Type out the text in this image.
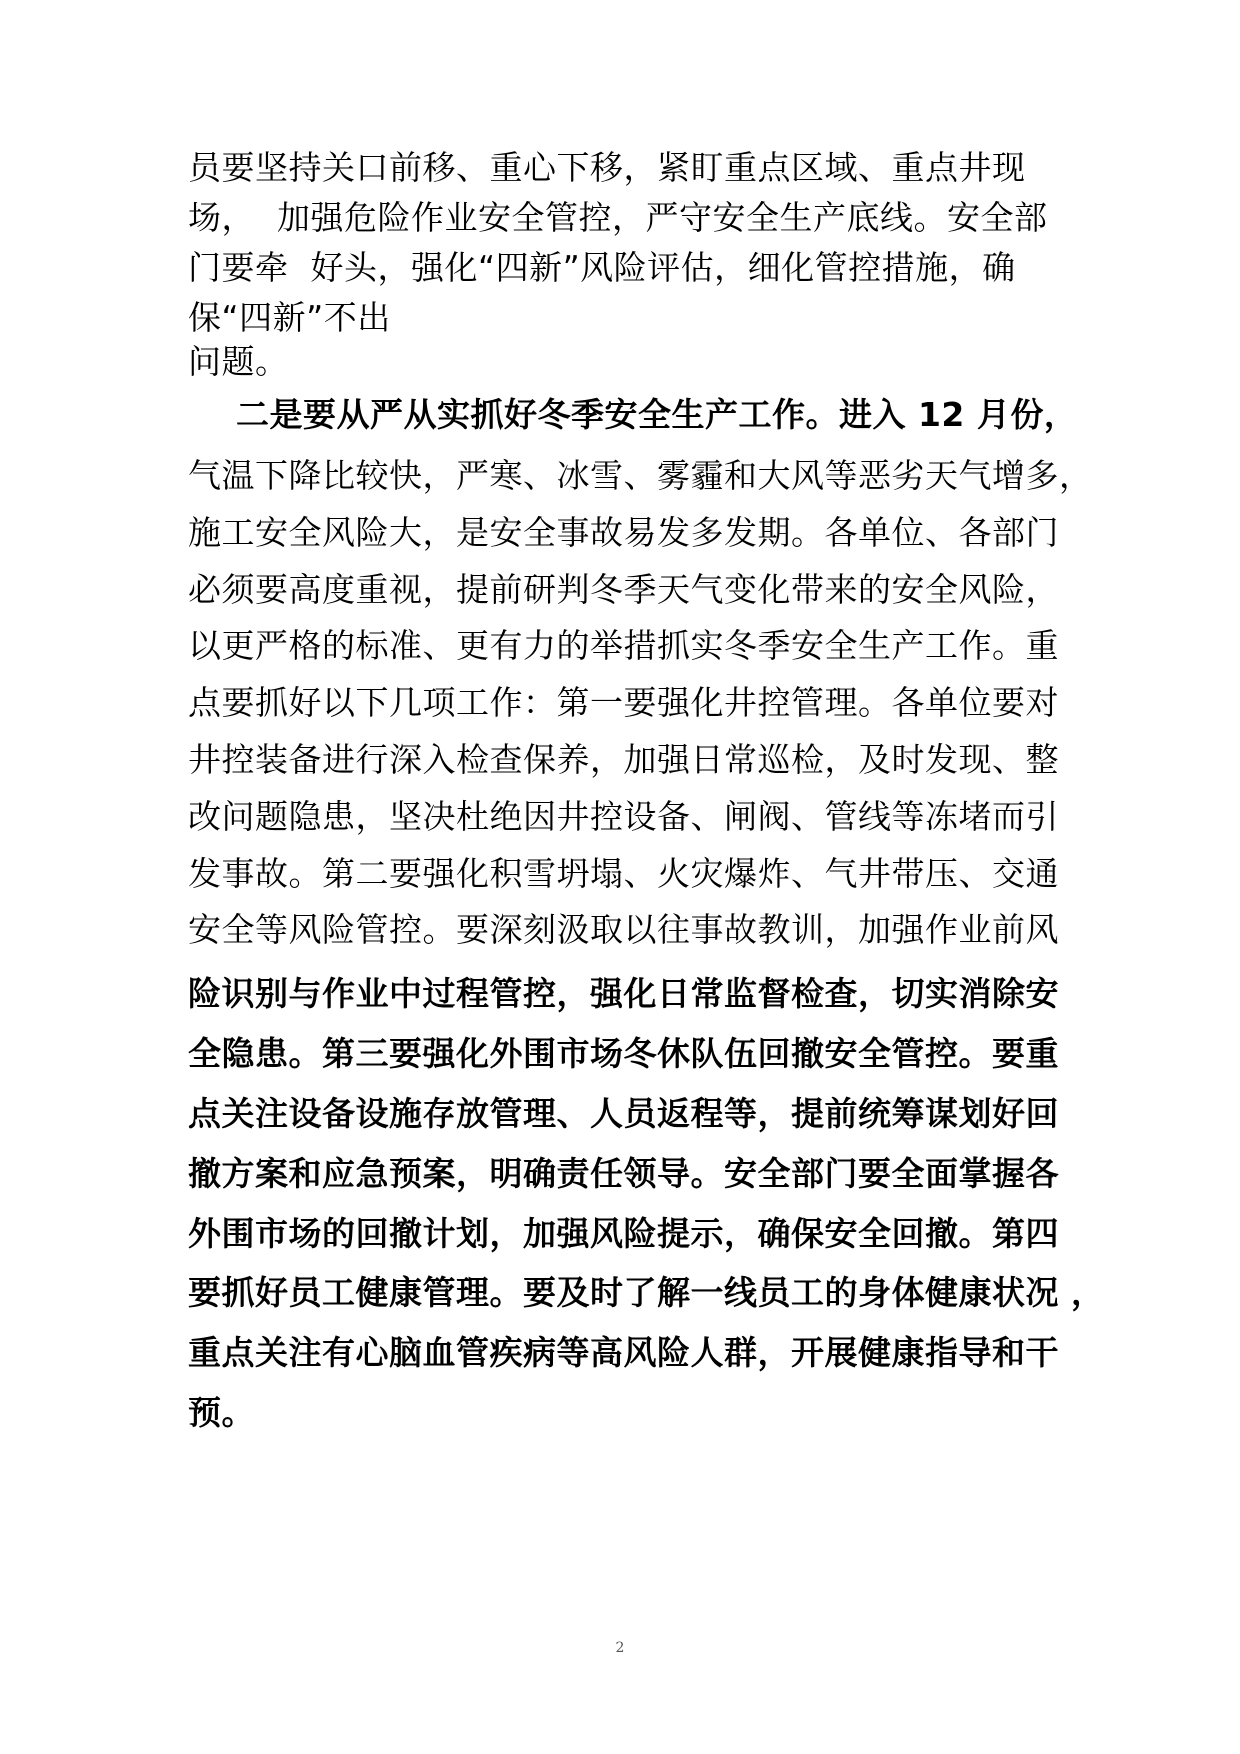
员要坚持关口前移、重心下移，紧盯重点区域、重点井现
场，  加强危险作业安全管控，严守安全生产底线。安全部
门要牵  好头，强化“四新”风险评估，细化管控措施，确
保“四新”不出
问题。
二是要从严从实抓好冬季安全生产工作。进入 12 月份，
气温下降比较快，严寒、冰雪、雾霾和大风等恶劣天气增多，
施工安全风险大，是安全事故易发多发期。各单位、各部门
必须要高度重视，提前研判冬季天气变化带来的安全风险，
以更严格的标准、更有力的举措抓实冬季安全生产工作。重
点要抓好以下几项工作：第一要强化井控管理。各单位要对
井控装备进行深入检查保养，加强日常巡检，及时发现、整
改问题隐患，坚决杜绝因井控设备、闸阀、管线等冻堵而引
发事故。第二要强化积雪坍塌、火灾爆炸、气井带压、交通
安全等风险管控。要深刻汲取以往事故教训，加强作业前风
险识别与作业中过程管控，强化日常监督检查，切实消除安
全隐患。第三要强化外围市场冬休队伍回撤安全管控。要重
点关注设备设施存放管理、人员返程等，提前统筹谋划好回
撤方案和应急预案，明确责任领导。安全部门要全面掌握各
外围市场的回撤计划，加强风险提示，确保安全回撤。第四
要抓好员工健康管理。要及时了解一线员工的身体健康状况 ，
重点关注有心脑血管疾病等高风险人群，开展健康指导和干
预。
2
